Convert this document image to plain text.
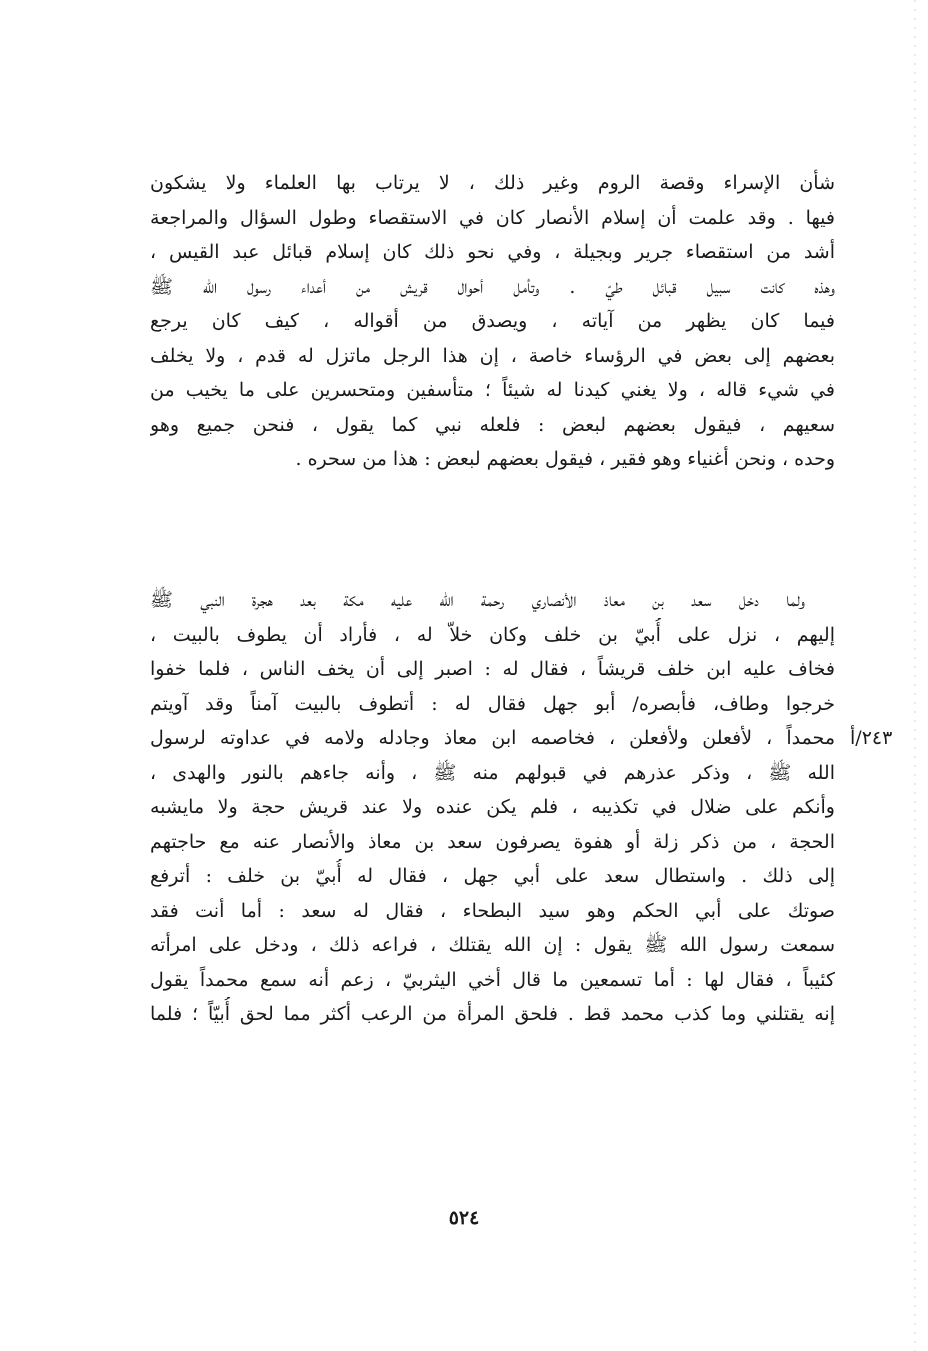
شأن الإسراء وقصة الروم وغير ذلك ، لا يرتاب بها العلماء ولا يشكون
فيها . وقد علمت أن إسلام الأنصار كان في الاستقصاء وطول السؤال والمراجعة
أشد من استقصاء جرير وبجيلة ، وفي نحو ذلك كان إسلام قبائل عبد القيس ،
وهذه كانت سبيل قبائل طيّ . وتأمل أحوال قريش من أعداء رسول الله ﷺ
فيما كان يظهر من آياته ، ويصدق من أقواله ، كيف كان يرجع
بعضهم إلى بعض في الرؤساء خاصة ، إن هذا الرجل ماتزل له قدم ، ولا يخلف
في شيء قاله ، ولا يغني كيدنا له شيئاً ؛ متأسفين ومتحسرين على ما يخيب من
سعيهم ، فيقول بعضهم لبعض : فلعله نبي كما يقول ، فنحن جميع وهو
وحده ، ونحن أغنياء وهو فقير ، فيقول بعضهم لبعض : هذا من سحره .
ولما دخل سعد بن معاذ الأنصاري رحمة الله عليه مكة بعد هجرة النبي ﷺ
إليهم ، نزل على أُبيّ بن خلف وكان خلاّ له ، فأراد أن يطوف بالبيت ،
فخاف عليه ابن خلف قريشاً ، فقال له : اصبر إلى أن يخف الناس ، فلما خفوا
خرجوا وطاف، فأبصره/ أبو جهل فقال له : أتطوف بالبيت آمناً وقد آويتم
محمداً ، لأفعلن ولأفعلن ، فخاصمه ابن معاذ وجادله ولامه في عداوته لرسول
الله ﷺ ، وذكر عذرهم في قبولهم منه ﷺ ، وأنه جاءهم بالنور والهدى ،
وأنكم على ضلال في تكذيبه ، فلم يكن عنده ولا عند قريش حجة ولا مايشبه
الحجة ، من ذكر زلة أو هفوة يصرفون سعد بن معاذ والأنصار عنه مع حاجتهم
إلى ذلك . واستطال سعد على أبي جهل ، فقال له أُبيّ بن خلف : أترفع
صوتك على أبي الحكم وهو سيد البطحاء ، فقال له سعد : أما أنت فقد
سمعت رسول الله ﷺ يقول : إن الله يقتلك ، فراعه ذلك ، ودخل على امرأته
كئيباً ، فقال لها : أما تسمعين ما قال أخي اليثربيّ ، زعم أنه سمع محمداً يقول
إنه يقتلني وما كذب محمد قط . فلحق المرأة من الرعب أكثر مما لحق أُبيّاً ؛ فلما
٢٤٣/أ
٥٢٤
